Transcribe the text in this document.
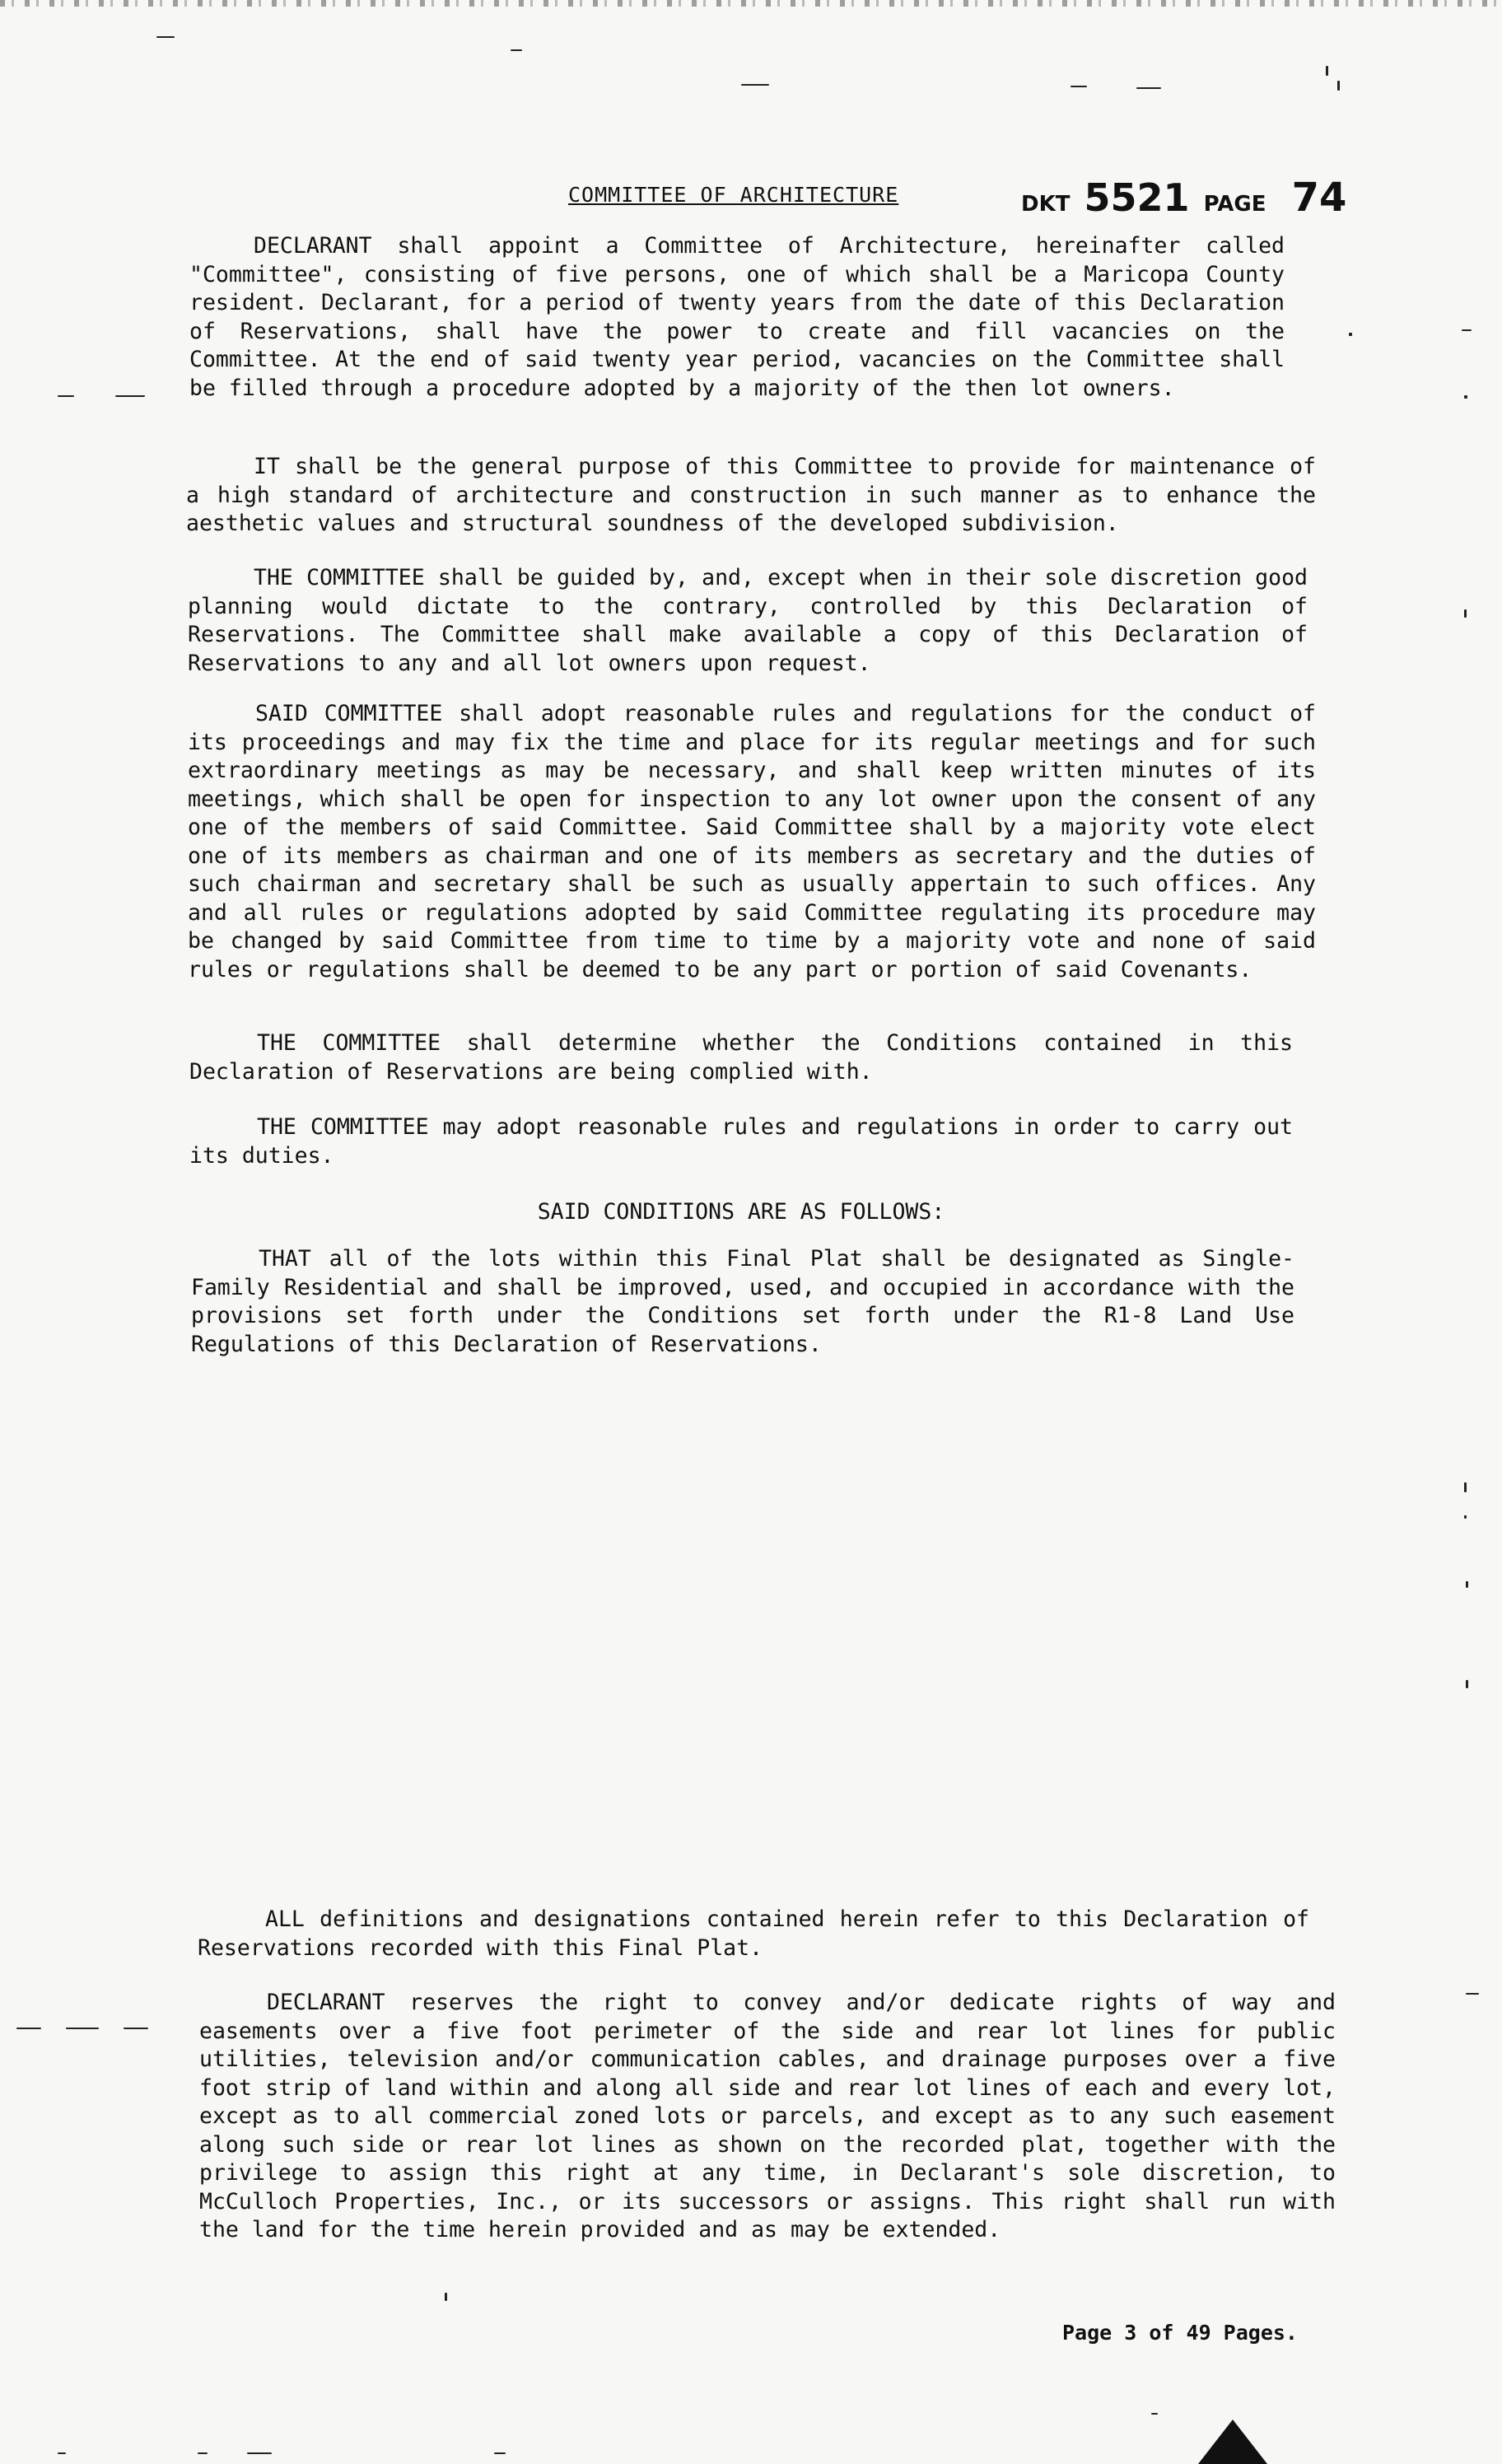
COMMITTEE OF ARCHITECTURE	DKT 5521 PAGE 74

DECLARANT shall appoint a Committee of Architecture, hereinafter called "Committee", consisting of five persons, one of which shall be a Maricopa County resident. Declarant, for a period of twenty years from the date of this Declaration of Reservations, shall have the power to create and fill vacancies on the Committee. At the end of said twenty year period, vacancies on the Committee shall be filled through a procedure adopted by a majority of the then lot owners.

IT shall be the general purpose of this Committee to provide for maintenance of a high standard of architecture and construction in such manner as to enhance the aesthetic values and structural soundness of the developed subdivision.

THE COMMITTEE shall be guided by, and, except when in their sole discretion good planning would dictate to the contrary, controlled by this Declaration of Reservations. The Committee shall make available a copy of this Declaration of Reservations to any and all lot owners upon request.

SAID COMMITTEE shall adopt reasonable rules and regulations for the conduct of its proceedings and may fix the time and place for its regular meetings and for such extraordinary meetings as may be necessary, and shall keep written minutes of its meetings, which shall be open for inspection to any lot owner upon the consent of any one of the members of said Committee. Said Committee shall by a majority vote elect one of its members as chairman and one of its members as secretary and the duties of such chairman and secretary shall be such as usually appertain to such offices. Any and all rules or regulations adopted by said Committee regulating its procedure may be changed by said Committee from time to time by a majority vote and none of said rules or regulations shall be deemed to be any part or portion of said Covenants.

THE COMMITTEE shall determine whether the Conditions contained in this Declaration of Reservations are being complied with.

THE COMMITTEE may adopt reasonable rules and regulations in order to carry out its duties.

SAID CONDITIONS ARE AS FOLLOWS:

THAT all of the lots within this Final Plat shall be designated as Single-Family Residential and shall be improved, used, and occupied in accordance with the provisions set forth under the Conditions set forth under the R1-8 Land Use Regulations of this Declaration of Reservations.

ALL definitions and designations contained herein refer to this Declaration of Reservations recorded with this Final Plat.

DECLARANT reserves the right to convey and/or dedicate rights of way and easements over a five foot perimeter of the side and rear lot lines for public utilities, television and/or communication cables, and drainage purposes over a five foot strip of land within and along all side and rear lot lines of each and every lot, except as to all commercial zoned lots or parcels, and except as to any such easement along such side or rear lot lines as shown on the recorded plat, together with the privilege to assign this right at any time, in Declarant's sole discretion, to McCulloch Properties, Inc., or its successors or assigns. This right shall run with the land for the time herein provided and as may be extended.

Page 3 of 49 Pages.
